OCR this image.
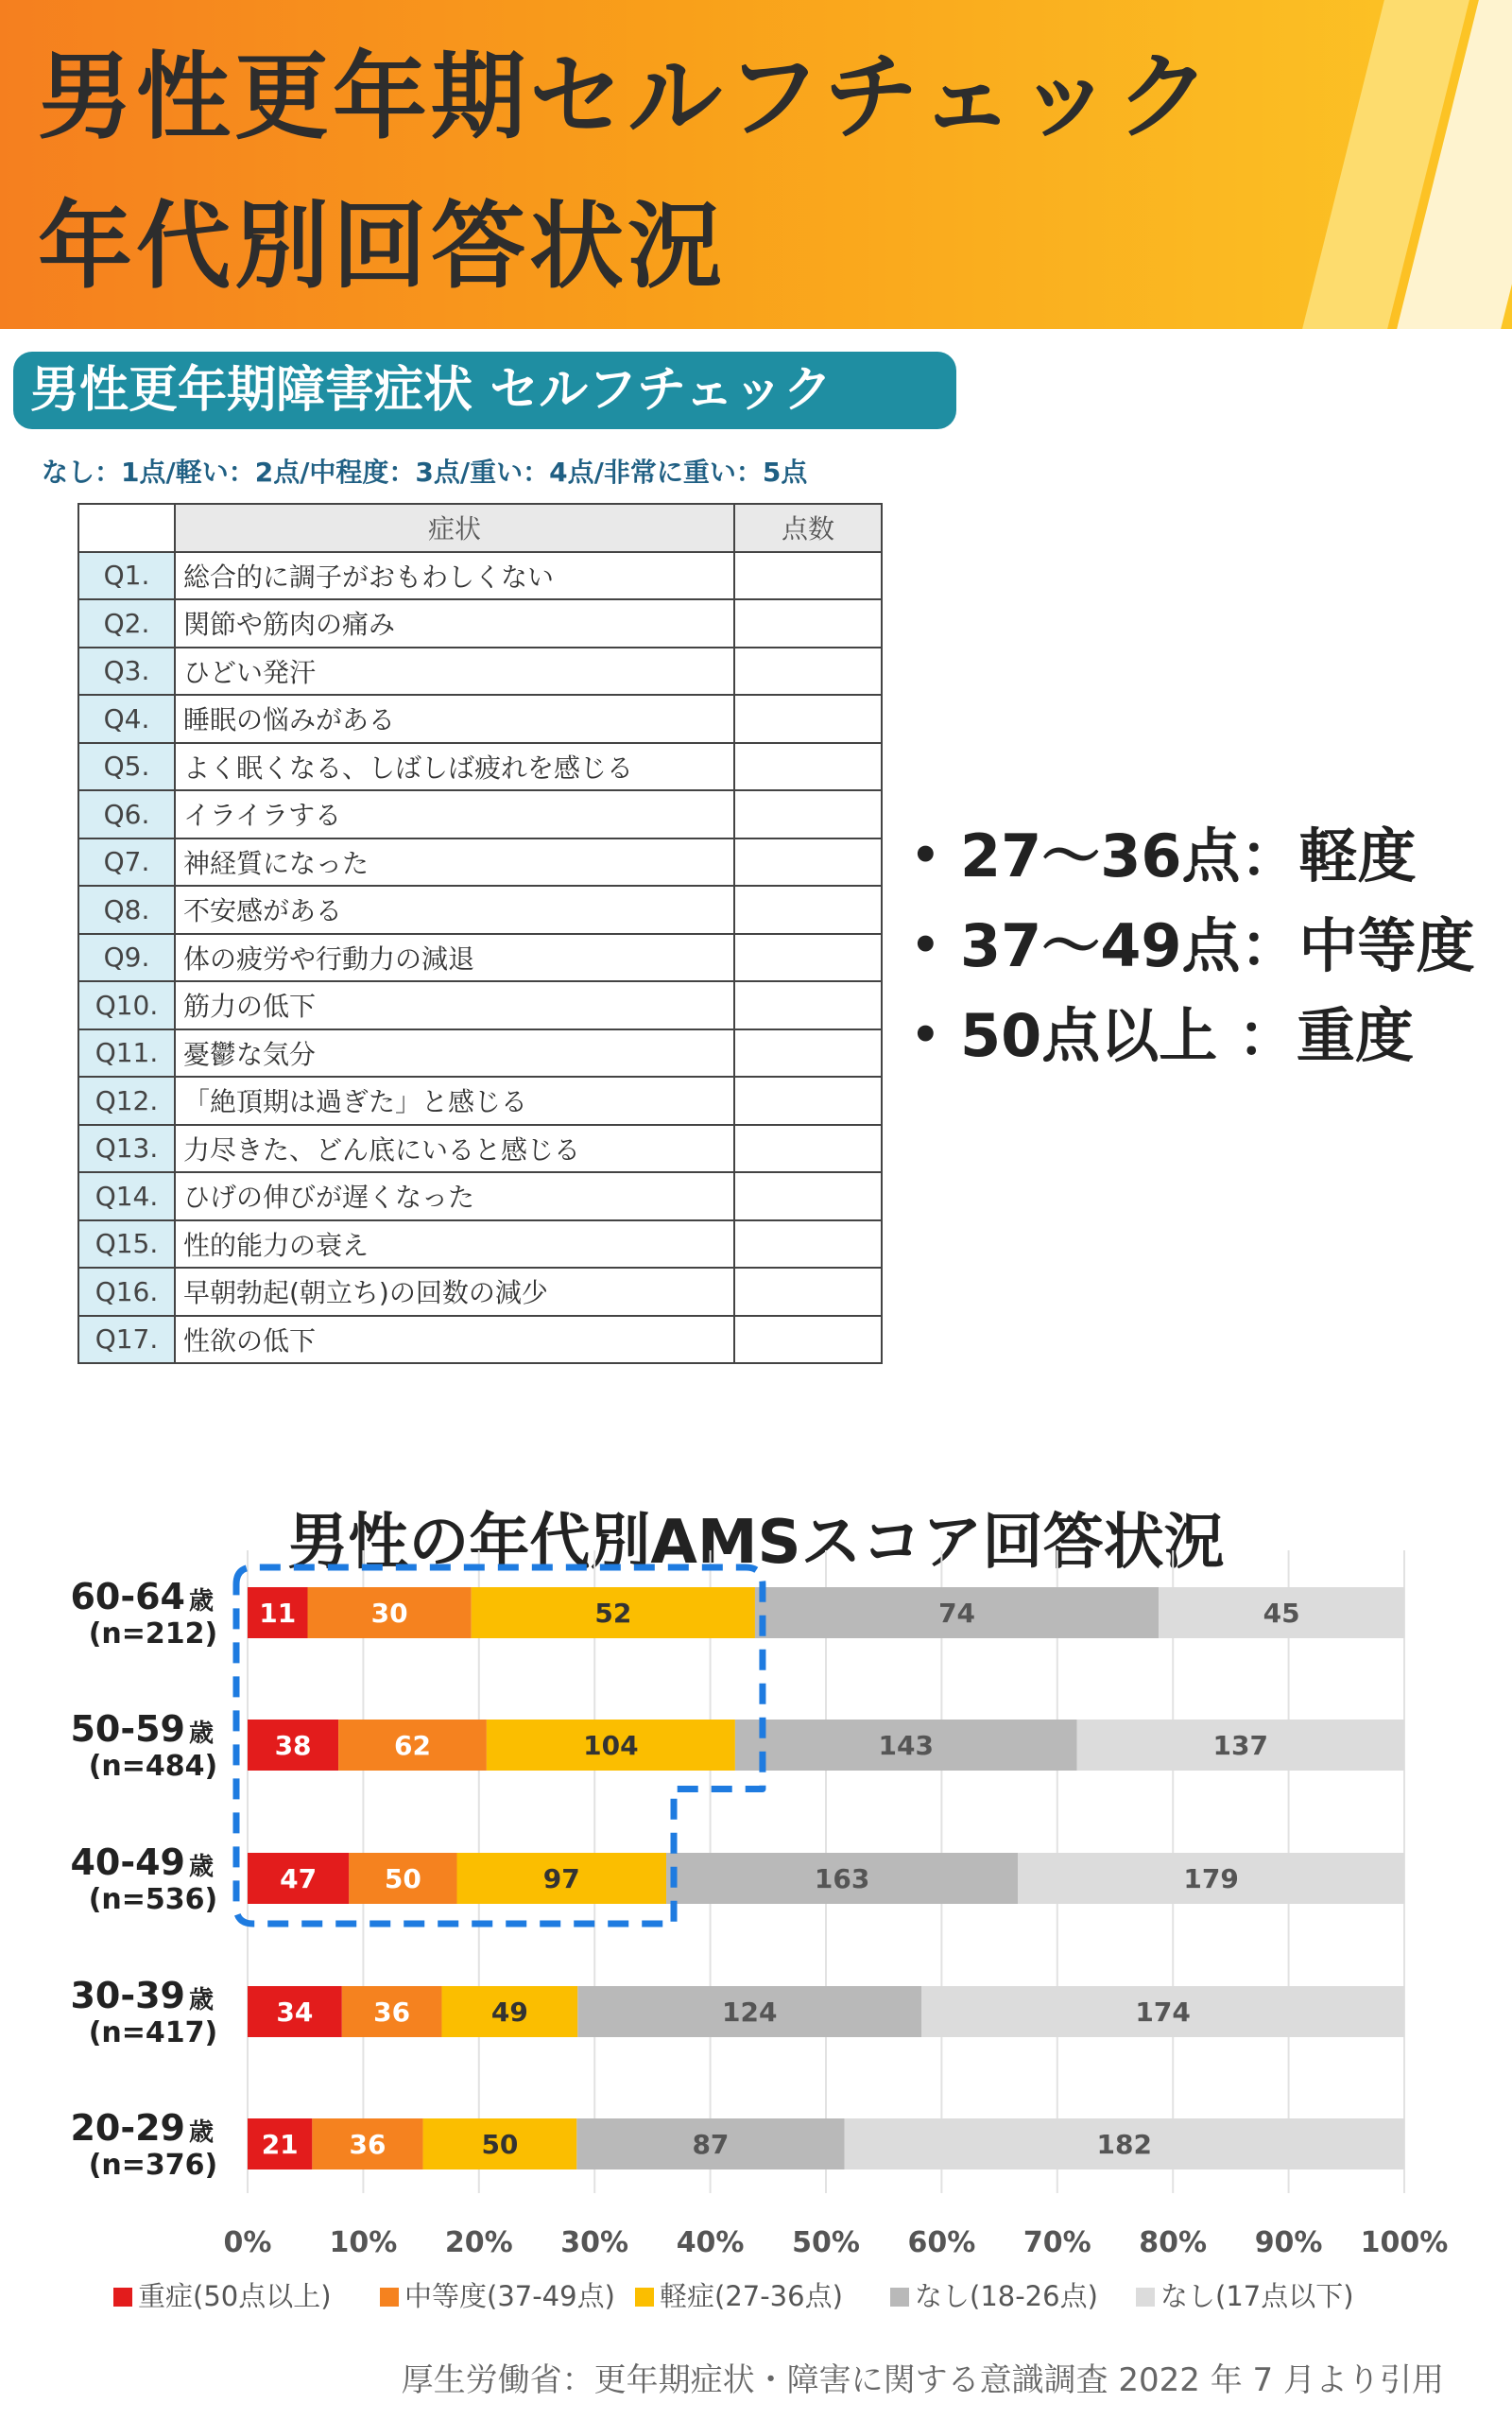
男性更年期セルフチェック
年代別回答状況
男性更年期障害症状 セルフチェック
なし：1点/軽い：2点/中程度：3点/重い：4点/非常に重い：5点
	症状	点数
Q1.	総合的に調子がおもわしくない	
Q2.	関節や筋肉の痛み	
Q3.	ひどい発汗	
Q4.	睡眠の悩みがある	
Q5.	よく眠くなる、しばしば疲れを感じる	
Q6.	イライラする	
Q7.	神経質になった	
Q8.	不安感がある	
Q9.	体の疲労や行動力の減退	
Q10.	筋力の低下	
Q11.	憂鬱な気分	
Q12.	「絶頂期は過ぎた」と感じる	
Q13.	力尽きた、どん底にいると感じる	
Q14.	ひげの伸びが遅くなった	
Q15.	性的能力の衰え	
Q16.	早朝勃起(朝立ち)の回数の減少	
Q17.	性欲の低下	
• 27〜36点：軽度
• 37〜49点：中等度
• 50点以上 ：重度
男性の年代別AMSスコア回答状況
0% 10% 20% 30% 40% 50% 60% 70% 80% 90% 100%
11	30	52	74	45
60-64 歳
(n=212)
38	62	104	143	137
50-59 歳
(n=484)
47	50	97	163	179
40-49 歳
(n=536)
34 36	49	124	174
30-39 歳
(n=417)
21 36	50	87	182
20-29 歳
(n=376)
重症(50点以上)	中等度(37-49点) 軽症(27-36点)	なし(18-26点) なし(17点以下)
厚生労働省：更年期症状・障害に関する意識調査 2022 年 7 月より引用
